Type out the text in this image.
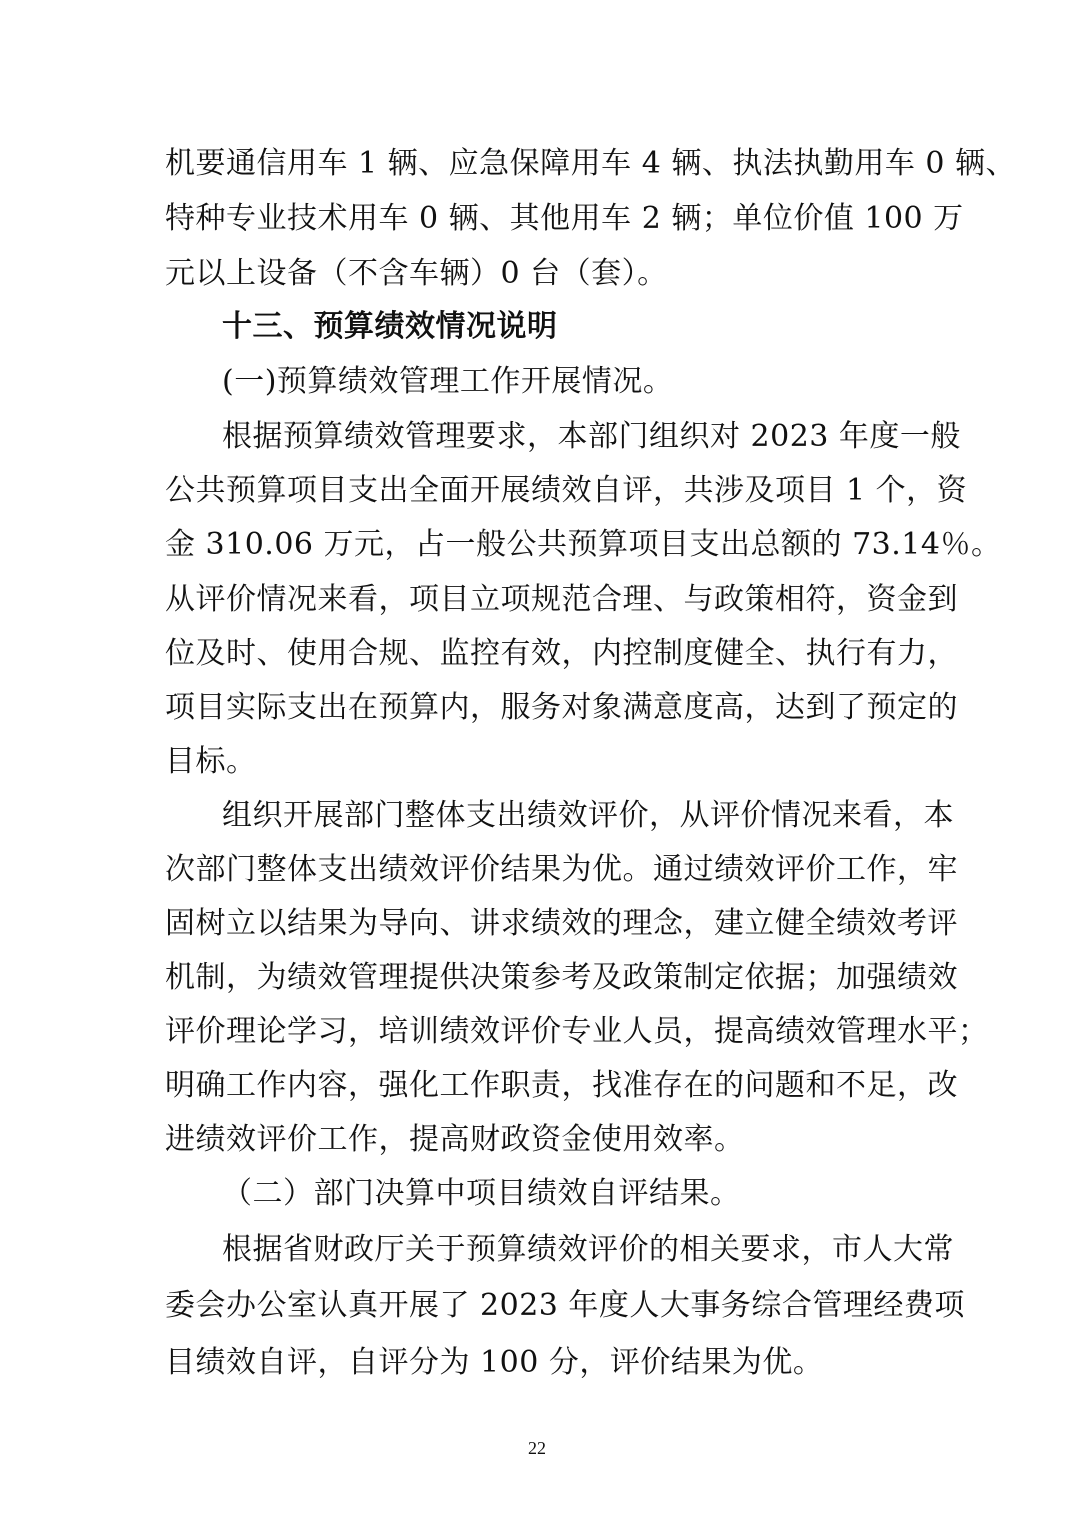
机要通信用车 1 辆、应急保障用车 4 辆、执法执勤用车 0 辆、
特种专业技术用车 0 辆、其他用车 2 辆；单位价值 100 万
元以上设备（不含车辆）0 台（套）。
十三、预算绩效情况说明
(一)预算绩效管理工作开展情况。
根据预算绩效管理要求，本部门组织对 2023 年度一般
公共预算项目支出全面开展绩效自评，共涉及项目 1 个，资
金 310.06 万元，占一般公共预算项目支出总额的 73.14％。
从评价情况来看，项目立项规范合理、与政策相符，资金到
位及时、使用合规、监控有效，内控制度健全、执行有力，
项目实际支出在预算内，服务对象满意度高，达到了预定的
目标。
组织开展部门整体支出绩效评价，从评价情况来看，本
次部门整体支出绩效评价结果为优。通过绩效评价工作，牢
固树立以结果为导向、讲求绩效的理念，建立健全绩效考评
机制，为绩效管理提供决策参考及政策制定依据；加强绩效
评价理论学习，培训绩效评价专业人员，提高绩效管理水平；
明确工作内容，强化工作职责，找准存在的问题和不足，改
进绩效评价工作，提高财政资金使用效率。
（二）部门决算中项目绩效自评结果。
根据省财政厅关于预算绩效评价的相关要求，市人大常
委会办公室认真开展了 2023 年度人大事务综合管理经费项
目绩效自评，自评分为 100 分，评价结果为优。
22
